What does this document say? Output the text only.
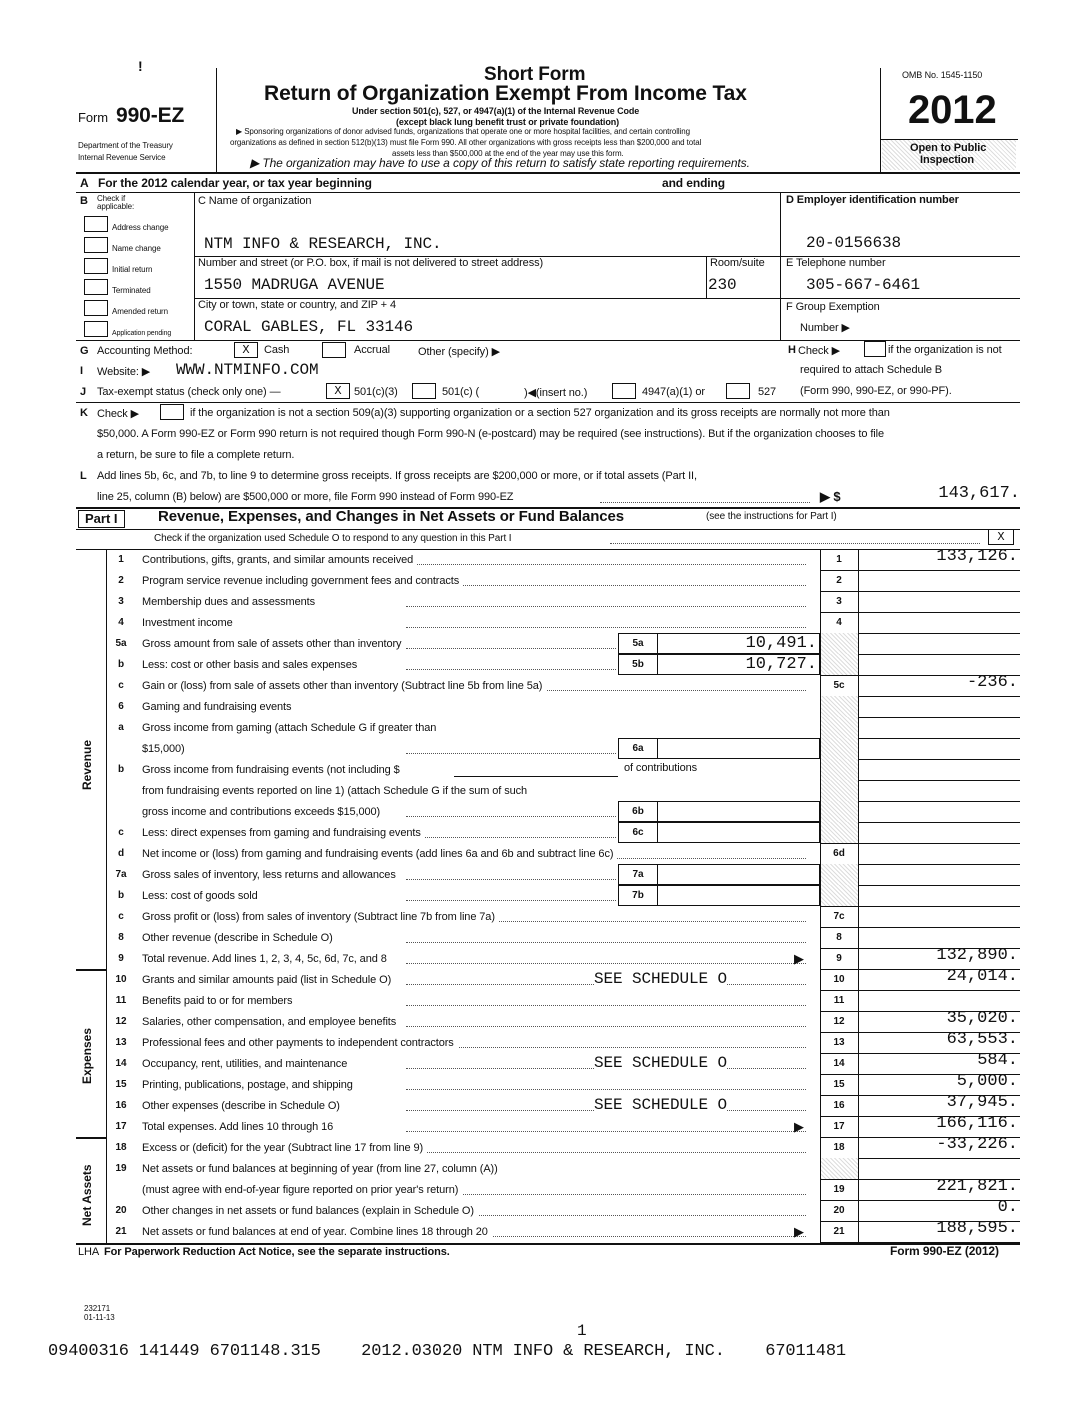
!
Form 990-EZ
Department of the Treasury
Internal Revenue Service
Short Form
Return of Organization Exempt From Income Tax
Under section 501(c), 527, or 4947(a)(1) of the Internal Revenue Code
(except black lung benefit trust or private foundation)
▶ Sponsoring organizations of donor advised funds, organizations that operate one or more hospital facilities, and certain controlling
organizations as defined in section 512(b)(13) must file Form 990. All other organizations with gross receipts less than $200,000 and total
assets less than $500,000 at the end of the year may use this form.
▶ The organization may have to use a copy of this return to satisfy state reporting requirements.
OMB No. 1545-1150
2012
Open to Public
Inspection
A For the 2012 calendar year, or tax year beginning	and ending
B Check if
applicable:
Address change
Name change
Initial return
Terminated
Amended return
Application pending
C Name of organization
NTM INFO & RESEARCH, INC.
Number and street (or P.O. box, if mail is not delivered to street address)	Room/suite
1550 MADRUGA AVENUE	230
City or town, state or country, and ZIP + 4
CORAL GABLES, FL 33146
D Employer identification number
20-0156638
E Telephone number
305-667-6461
F Group Exemption
Number ▶
G Accounting Method:	X	Cash	Accrual	Other (specify) ▶	H Check ▶	if the organization is not
required to attach Schedule B
(Form 990, 990-EZ, or 990-PF).
I Website: ▶ WWW.NTMINFO.COM
J Tax-exempt status (check only one) —	X	501(c)(3)	501(c) (	)◀(insert no.)	4947(a)(1) or	527
K Check ▶	if the organization is not a section 509(a)(3) supporting organization or a section 527 organization and its gross receipts are normally not more than
$50,000. A Form 990-EZ or Form 990 return is not required though Form 990-N (e-postcard) may be required (see instructions). But if the organization chooses to file
a return, be sure to file a complete return.
L Add lines 5b, 6c, and 7b, to line 9 to determine gross receipts. If gross receipts are $200,000 or more, or if total assets (Part II,
line 25, column (B) below) are $500,000 or more, file Form 990 instead of Form 990-EZ	▶ $	143,617.
Part I	Revenue, Expenses, and Changes in Net Assets or Fund Balances	(see the instructions for Part I)
Check if the organization used Schedule O to respond to any question in this Part I	X
Revenue
Expenses
Net Assets
1	Contributions, gifts, grants, and similar amounts received	1	133,126.
2	Program service revenue including government fees and contracts	2
3	Membership dues and assessments	3
4	Investment income	4
5a	Gross amount from sale of assets other than inventory	5a	10,491.
b	Less: cost or other basis and sales expenses	5b	10,727.
c	Gain or (loss) from sale of assets other than inventory (Subtract line 5b from line 5a)	5c	-236.
6	Gaming and fundraising events
a	Gross income from gaming (attach Schedule G if greater than
$15,000)	6a
b	Gross income from fundraising events (not including $	of contributions
from fundraising events reported on line 1) (attach Schedule G if the sum of such
gross income and contributions exceeds $15,000)	6b
c	Less: direct expenses from gaming and fundraising events	6c
d	Net income or (loss) from gaming and fundraising events (add lines 6a and 6b and subtract line 6c)	6d
7a	Gross sales of inventory, less returns and allowances	7a
b	Less: cost of goods sold	7b
c	Gross profit or (loss) from sales of inventory (Subtract line 7b from line 7a)	7c
8	Other revenue (describe in Schedule O)	8
9	Total revenue. Add lines 1, 2, 3, 4, 5c, 6d, 7c, and 8	▶	9	132,890.
10	Grants and similar amounts paid (list in Schedule O)	SEE SCHEDULE O	10	24,014.
11	Benefits paid to or for members	11
12	Salaries, other compensation, and employee benefits	12	35,020.
13	Professional fees and other payments to independent contractors	13	63,553.
14	Occupancy, rent, utilities, and maintenance	SEE SCHEDULE O	14	584.
15	Printing, publications, postage, and shipping	15	5,000.
16	Other expenses (describe in Schedule O)	SEE SCHEDULE O	16	37,945.
17	Total expenses. Add lines 10 through 16	▶	17	166,116.
18	Excess or (deficit) for the year (Subtract line 17 from line 9)	18	-33,226.
19	Net assets or fund balances at beginning of year (from line 27, column (A))
(must agree with end-of-year figure reported on prior year's return)	19	221,821.
20	Other changes in net assets or fund balances (explain in Schedule O)	20	0.
21	Net assets or fund balances at end of year. Combine lines 18 through 20	▶	21	188,595.
LHA For Paperwork Reduction Act Notice, see the separate instructions.	Form 990-EZ (2012)
232171
01-11-13
1
09400316 141449 6701148.315    2012.03020 NTM INFO & RESEARCH, INC.    67011481
